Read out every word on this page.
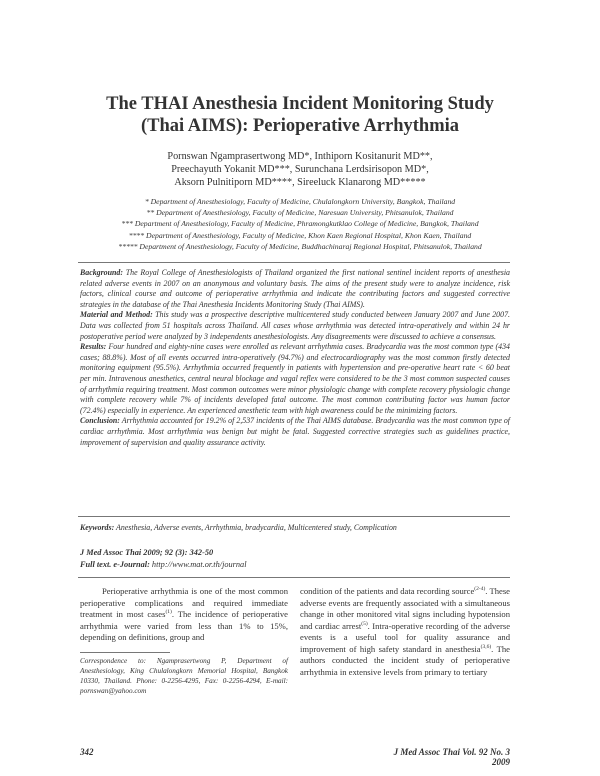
The THAI Anesthesia Incident Monitoring Study
(Thai AIMS): Perioperative Arrhythmia
Pornswan Ngamprasertwong MD*, Inthiporn Kositanurit MD**,
Preechayuth Yokanit MD***, Surunchana Lerdsirisopon MD*,
Aksorn Pulnitiporn MD****, Sireeluck Klanarong MD*****
* Department of Anesthesiology, Faculty of Medicine, Chulalongkorn University, Bangkok, Thailand
** Department of Anesthesiology, Faculty of Medicine, Naresuan University, Phitsanulok, Thailand
*** Department of Anesthesiology, Faculty of Medicine, Phramongkutklao College of Medicine, Bangkok, Thailand
**** Department of Anesthesiology, Faculty of Medicine, Khon Kaen Regional Hospital, Khon Kaen, Thailand
***** Department of Anesthesiology, Faculty of Medicine, Buddhachinaraj Regional Hospital, Phitsanulok, Thailand

Background: The Royal College of Anesthesiologists of Thailand organized the first national sentinel incident reports of anesthesia related adverse events in 2007 on an anonymous and voluntary basis. The aims of the present study were to analyze incidence, risk factors, clinical course and outcome of perioperative arrhythmia and indicate the contributing factors and suggested corrective strategies in the database of the Thai Anesthesia Incidents Monitoring Study (Thai AIMS).

Material and Method: This study was a prospective descriptive multicentered study conducted between January 2007 and June 2007. Data was collected from 51 hospitals across Thailand. All cases whose arrhythmia was detected intra-operatively and within 24 hr postoperative period were analyzed by 3 independents anesthesiologists. Any disagreements were discussed to achieve a consensus.

Results: Four hundred and eighty-nine cases were enrolled as relevant arrhythmia cases. Bradycardia was the most common type (434 cases; 88.8%). Most of all events occurred intra-operatively (94.7%) and electrocardiography was the most common firstly detected monitoring equipment (95.5%). Arrhythmia occurred frequently in patients with hypertension and pre-operative heart rate < 60 beat per min. Intravenous anesthetics, central neural blockage and vagal reflex were considered to be the 3 most common suspected causes of arrhythmia requiring treatment. Most common outcomes were minor physiologic change with complete recovery physiologic change with complete recovery while 7% of incidents developed fatal outcome. The most common contributing factor was human factor (72.4%) especially in experience. An experienced anesthetic team with high awareness could be the minimizing factors.

Conclusion: Arrhythmia accounted for 19.2% of 2,537 incidents of the Thai AIMS database. Bradycardia was the most common type of cardiac arrhythmia. Most arrhythmia was benign but might be fatal. Suggested corrective strategies such as guidelines practice, improvement of supervision and quality assurance activity.

Keywords: Anesthesia, Adverse events, Arrhythmia, bradycardia, Multicentered study, Complication
J Med Assoc Thai 2009; 92 (3): 342-50
Full text. e-Journal: http://www.mat.or.th/journal

Perioperative arrhythmia is one of the most common perioperative complications and required immediate treatment in most cases$^{(1)}$. The incidence of perioperative arrhythmia were varied from less than 1% to 15%, depending on definitions, group and

Correspondence to: Ngamprasertwong P, Department of Anesthesiology, King Chulalongkorn Memorial Hospital, Bangkok 10330, Thailand. Phone: 0-2256-4295, Fax: 0-2256-4294, E-mail: pornswan@yahoo.com

condition of the patients and data recording source$^{(2-4)}$. These adverse events are frequently associated with a simultaneous change in other monitored vital signs including hypotension and cardiac arrest$^{(5)}$. Intra-operative recording of the adverse events is a useful tool for quality assurance and improvement of high safety standard in anesthesia$^{(3,6)}$. The authors conducted the incident study of perioperative arrhythmia in extensive levels from primary to tertiary

342	J Med Assoc Thai Vol. 92 No. 3 2009
